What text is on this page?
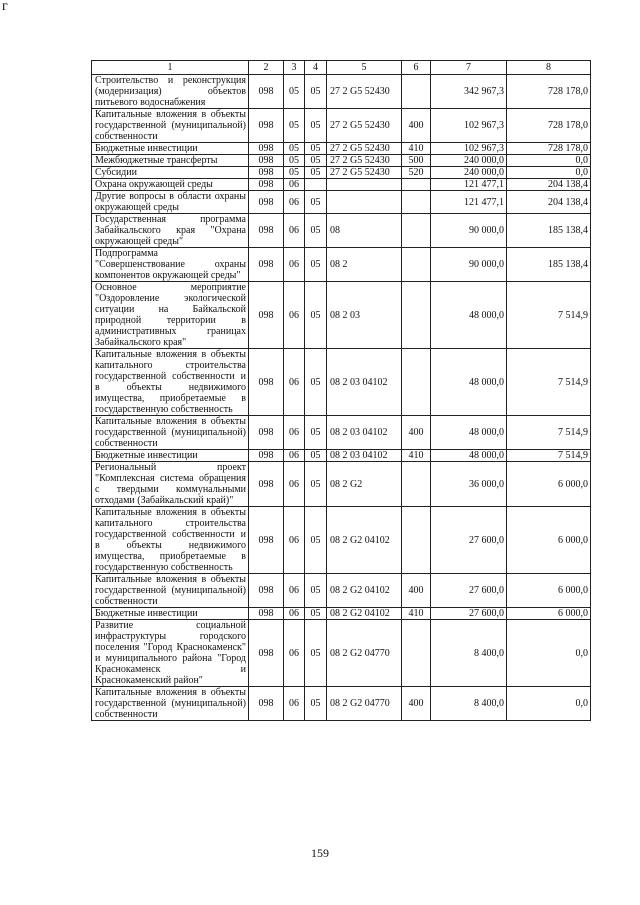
г
1	2	3	4	5	6	7	8
Строительство и реконструкция (модернизация) объектов питьевого водоснабжения	098	05	05	27 2 G5 52430		342 967,3	728 178,0
Капитальные вложения в объекты государственной (муниципальной) собственности	098	05	05	27 2 G5 52430	400	102 967,3	728 178,0
Бюджетные инвестиции	098	05	05	27 2 G5 52430	410	102 967,3	728 178,0
Межбюджетные трансферты	098	05	05	27 2 G5 52430	500	240 000,0	0,0
Субсидии	098	05	05	27 2 G5 52430	520	240 000,0	0,0
Охрана окружающей среды	098	06				121 477,1	204 138,4
Другие вопросы в области охраны окружающей среды	098	06	05			121 477,1	204 138,4
Государственная программа Забайкальского края "Охрана окружающей среды"	098	06	05	08		90 000,0	185 138,4
Подпрограмма "Совершенствование охраны компонентов окружающей среды"	098	06	05	08 2		90 000,0	185 138,4
Основное мероприятие "Оздоровление экологической ситуации на Байкальской природной территории в административных границах Забайкальского края"	098	06	05	08 2 03		48 000,0	7 514,9
Капитальные вложения в объекты капитального строительства государственной собственности и в объекты недвижимого имущества, приобретаемые в государственную собственность	098	06	05	08 2 03 04102		48 000,0	7 514,9
Капитальные вложения в объекты государственной (муниципальной) собственности	098	06	05	08 2 03 04102	400	48 000,0	7 514,9
Бюджетные инвестиции	098	06	05	08 2 03 04102	410	48 000,0	7 514,9
Региональный проект "Комплексная система обращения с твердыми коммунальными отходами (Забайкальский край)"	098	06	05	08 2 G2		36 000,0	6 000,0
Капитальные вложения в объекты капитального строительства государственной собственности и в объекты недвижимого имущества, приобретаемые в государственную собственность	098	06	05	08 2 G2 04102		27 600,0	6 000,0
Капитальные вложения в объекты государственной (муниципальной) собственности	098	06	05	08 2 G2 04102	400	27 600,0	6 000,0
Бюджетные инвестиции	098	06	05	08 2 G2 04102	410	27 600,0	6 000,0
Развитие социальной инфраструктуры городского поселения "Город Краснокаменск" и муниципального района "Город Краснокаменск и Краснокаменский район"	098	06	05	08 2 G2 04770		8 400,0	0,0
Капитальные вложения в объекты государственной (муниципальной) собственности	098	06	05	08 2 G2 04770	400	8 400,0	0,0
159
